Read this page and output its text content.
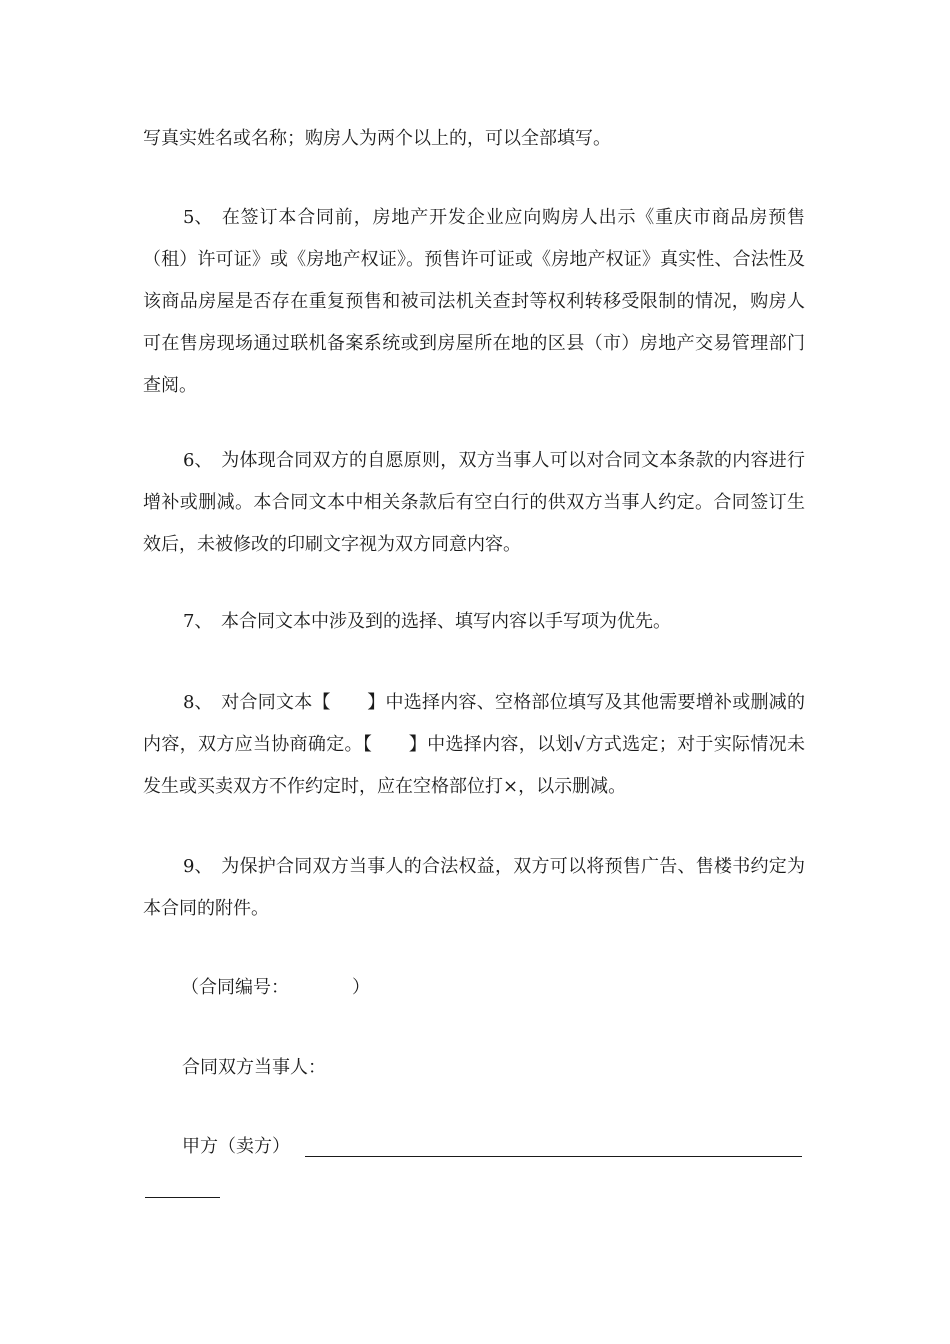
写真实姓名或名称；购房人为两个以上的，可以全部填写。

5、 在签订本合同前，房地产开发企业应向购房人出示《重庆市商品房预售（租）许可证》或《房地产权证》。预售许可证或《房地产权证》真实性、合法性及该商品房屋是否存在重复预售和被司法机关查封等权利转移受限制的情况，购房人可在售房现场通过联机备案系统或到房屋所在地的区县（市）房地产交易管理部门查阅。

6、 为体现合同双方的自愿原则，双方当事人可以对合同文本条款的内容进行增补或删减。本合同文本中相关条款后有空白行的供双方当事人约定。合同签订生效后，未被修改的印刷文字视为双方同意内容。

7、 本合同文本中涉及到的选择、填写内容以手写项为优先。

8、 对合同文本【　　】中选择内容、空格部位填写及其他需要增补或删减的内容，双方应当协商确定。【　　】中选择内容，以划√方式选定；对于实际情况未发生或买卖双方不作约定时，应在空格部位打×，以示删减。

9、 为保护合同双方当事人的合法权益，双方可以将预售广告、售楼书约定为本合同的附件。

（合同编号：　　　　）

合同双方当事人：

甲方（卖方）
